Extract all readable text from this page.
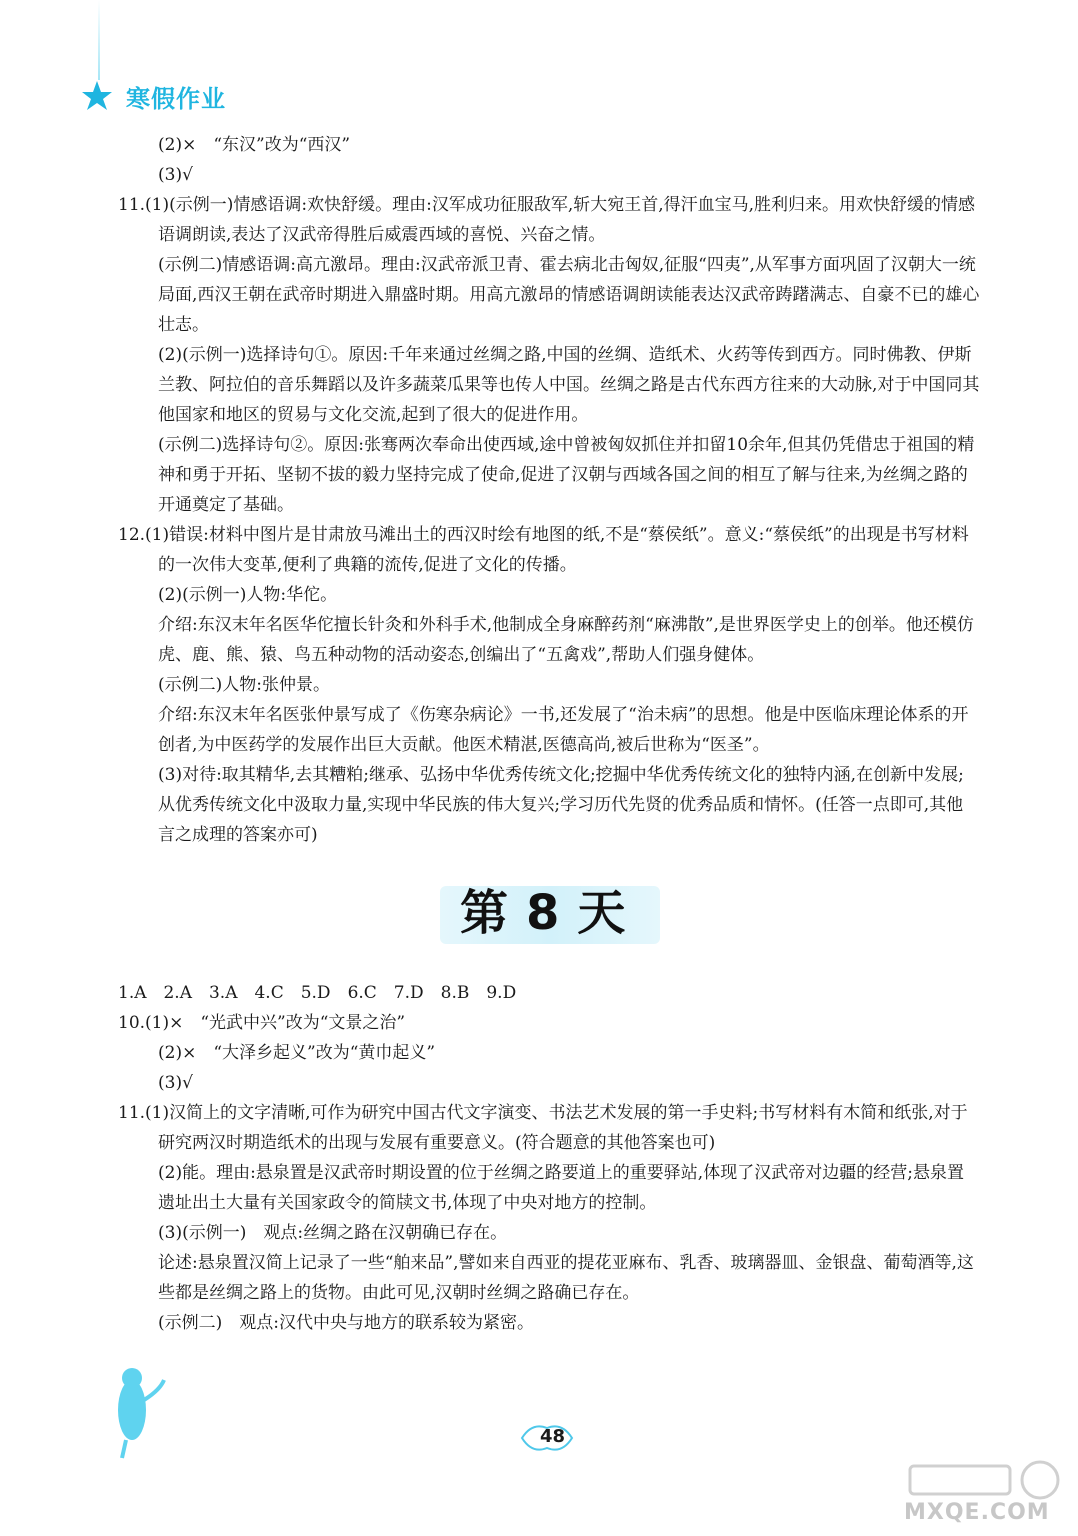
寒假作业

(2)×　“东汉”改为“西汉”

(3)√

11.(1)(示例一)情感语调:欢快舒缓。理由:汉军成功征服敌军,斩大宛王首,得汗血宝马,胜利归来。用欢快舒缓的情感语调朗读,表达了汉武帝得胜后威震西域的喜悦、兴奋之情。

(示例二)情感语调:高亢激昂。理由:汉武帝派卫青、霍去病北击匈奴,征服“四夷”,从军事方面巩固了汉朝大一统局面,西汉王朝在武帝时期进入鼎盛时期。用高亢激昂的情感语调朗读能表达汉武帝踌躇满志、自豪不已的雄心壮志。

(2)(示例一)选择诗句①。原因:千年来通过丝绸之路,中国的丝绸、造纸术、火药等传到西方。同时佛教、伊斯兰教、阿拉伯的音乐舞蹈以及许多蔬菜瓜果等也传人中国。丝绸之路是古代东西方往来的大动脉,对于中国同其他国家和地区的贸易与文化交流,起到了很大的促进作用。

(示例二)选择诗句②。原因:张骞两次奉命出使西域,途中曾被匈奴抓住并扣留10余年,但其仍凭借忠于祖国的精神和勇于开拓、坚韧不拔的毅力坚持完成了使命,促进了汉朝与西域各国之间的相互了解与往来,为丝绸之路的开通奠定了基础。

12.(1)错误:材料中图片是甘肃放马滩出土的西汉时绘有地图的纸,不是“蔡侯纸”。意义:“蔡侯纸”的出现是书写材料的一次伟大变革,便利了典籍的流传,促进了文化的传播。

(2)(示例一)人物:华佗。

介绍:东汉末年名医华佗擅长针灸和外科手术,他制成全身麻醉药剂“麻沸散”,是世界医学史上的创举。他还模仿虎、鹿、熊、猿、鸟五种动物的活动姿态,创编出了“五禽戏”,帮助人们强身健体。

(示例二)人物:张仲景。

介绍:东汉末年名医张仲景写成了《伤寒杂病论》一书,还发展了“治未病”的思想。他是中医临床理论体系的开创者,为中医药学的发展作出巨大贡献。他医术精湛,医德高尚,被后世称为“医圣”。

(3)对待:取其精华,去其糟粕;继承、弘扬中华优秀传统文化;挖掘中华优秀传统文化的独特内涵,在创新中发展;从优秀传统文化中汲取力量,实现中华民族的伟大复兴;学习历代先贤的优秀品质和情怀。(任答一点即可,其他言之成理的答案亦可)

第8天

1.A　2.A　3.A　4.C　5.D　6.C　7.D　8.B　9.D

10.(1)×　“光武中兴”改为“文景之治”

(2)×　“大泽乡起义”改为“黄巾起义”

(3)√

11.(1)汉简上的文字清晰,可作为研究中国古代文字演变、书法艺术发展的第一手史料;书写材料有木简和纸张,对于研究两汉时期造纸术的出现与发展有重要意义。(符合题意的其他答案也可)

(2)能。理由:悬泉置是汉武帝时期设置的位于丝绸之路要道上的重要驿站,体现了汉武帝对边疆的经营;悬泉置遗址出土大量有关国家政令的简牍文书,体现了中央对地方的控制。

(3)(示例一)　观点:丝绸之路在汉朝确已存在。

论述:悬泉置汉简上记录了一些“舶来品”,譬如来自西亚的提花亚麻布、乳香、玻璃器皿、金银盘、葡萄酒等,这些都是丝绸之路上的货物。由此可见,汉朝时丝绸之路确已存在。

(示例二)　观点:汉代中央与地方的联系较为紧密。

48
MXQE.COM
